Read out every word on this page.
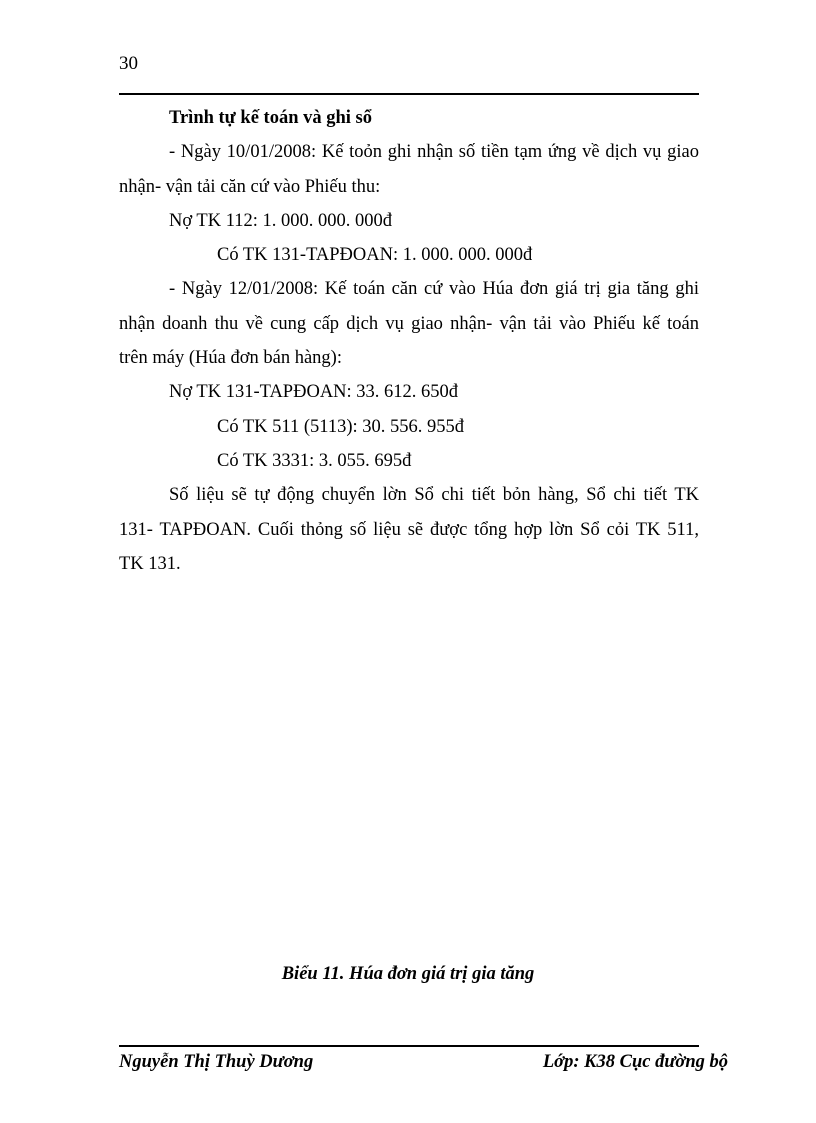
30
Trình tự kế toán và ghi sổ
- Ngày 10/01/2008: Kế toỏn ghi nhận số tiền tạm ứng về dịch vụ giao
nhận- vận tải căn cứ vào Phiếu thu:
Nợ TK 112: 1. 000. 000. 000đ
Có TK 131-TAPĐOAN: 1. 000. 000. 000đ
- Ngày 12/01/2008: Kế toán căn cứ vào Húa đơn giá trị gia tăng ghi
nhận doanh thu về cung cấp dịch vụ giao nhận- vận tải vào Phiếu kế toán
trên máy (Húa đơn bán hàng):
Nợ TK 131-TAPĐOAN: 33. 612. 650đ
Có TK 511 (5113): 30. 556. 955đ
Có TK 3331: 3. 055. 695đ
Số liệu sẽ tự động chuyển lờn Sổ chi tiết bỏn hàng, Sổ chi tiết TK
131- TAPĐOAN. Cuối thỏng số liệu sẽ được tổng hợp lờn Sổ cỏi TK 511,
TK 131.
Biểu 11. Húa đơn giá trị gia tăng
Nguyễn Thị Thuỳ Dương	Lớp: K38 Cục đường bộ
